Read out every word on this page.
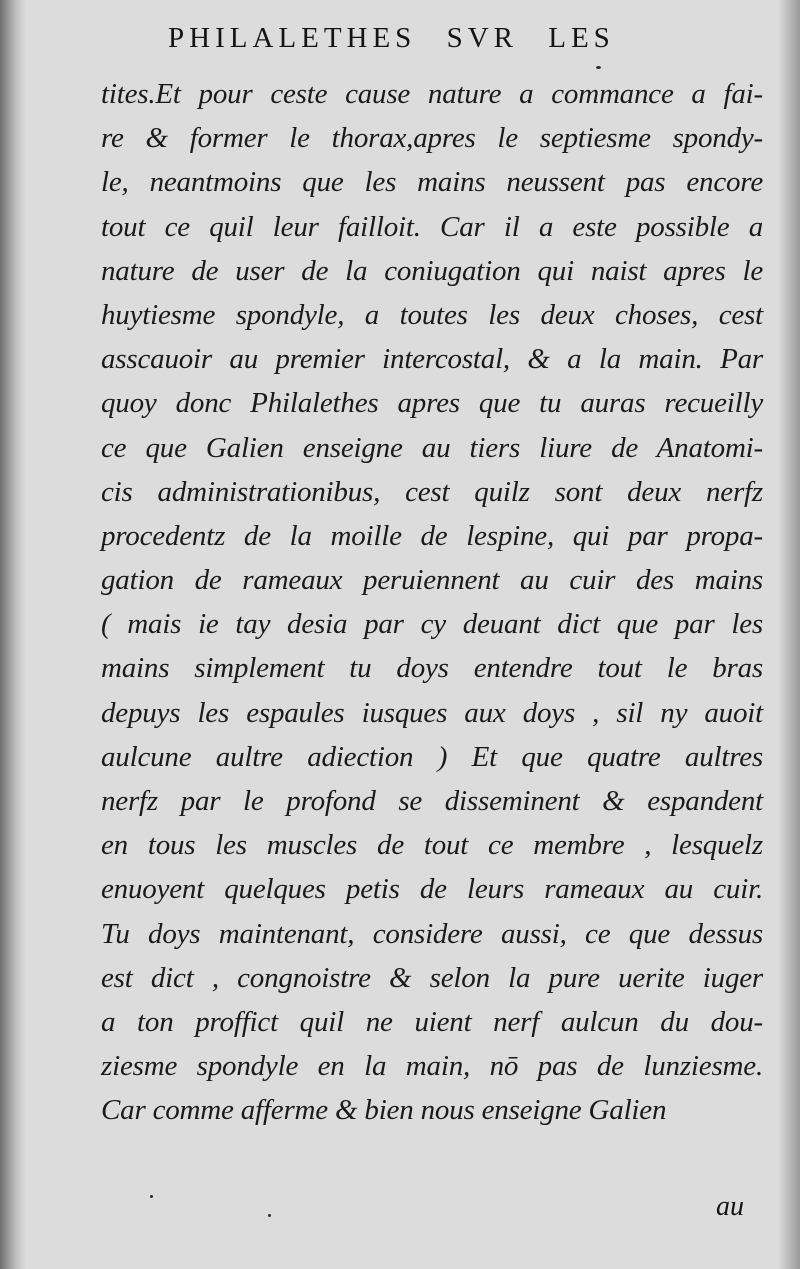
PHILALETHES SVR LES
tites.Et pour ceste cause nature a commance a fai-
re & former le thorax,apres le septiesme spondy-
le, neantmoins que les mains neussent pas encore
tout ce quil leur failloit. Car il a este possible a
nature de user de la coniugation qui naist apres le
huytiesme spondyle, a toutes les deux choses, cest
asscauoir au premier intercostal, & a la main. Par
quoy donc Philalethes apres que tu auras recueilly
ce que Galien enseigne au tiers liure de Anatomi-
cis administrationibus, cest quilz sont deux nerfz
procedentz de la moille de lespine, qui par propa-
gation de rameaux peruiennent au cuir des mains
( mais ie tay desia par cy deuant dict que par les
mains simplement tu doys entendre tout le bras
depuys les espaules iusques aux doys , sil ny auoit
aulcune aultre adiection ) Et que quatre aultres
nerfz par le profond se disseminent & espandent
en tous les muscles de tout ce membre , lesquelz
enuoyent quelques petis de leurs rameaux au cuir.
Tu doys maintenant, considere aussi, ce que dessus
est dict , congnoistre & selon la pure uerite iuger
a ton proffict quil ne uient nerf aulcun du dou-
ziesme spondyle en la main, nō pas de lunziesme.
Car comme afferme & bien nous enseigne Galien
au
